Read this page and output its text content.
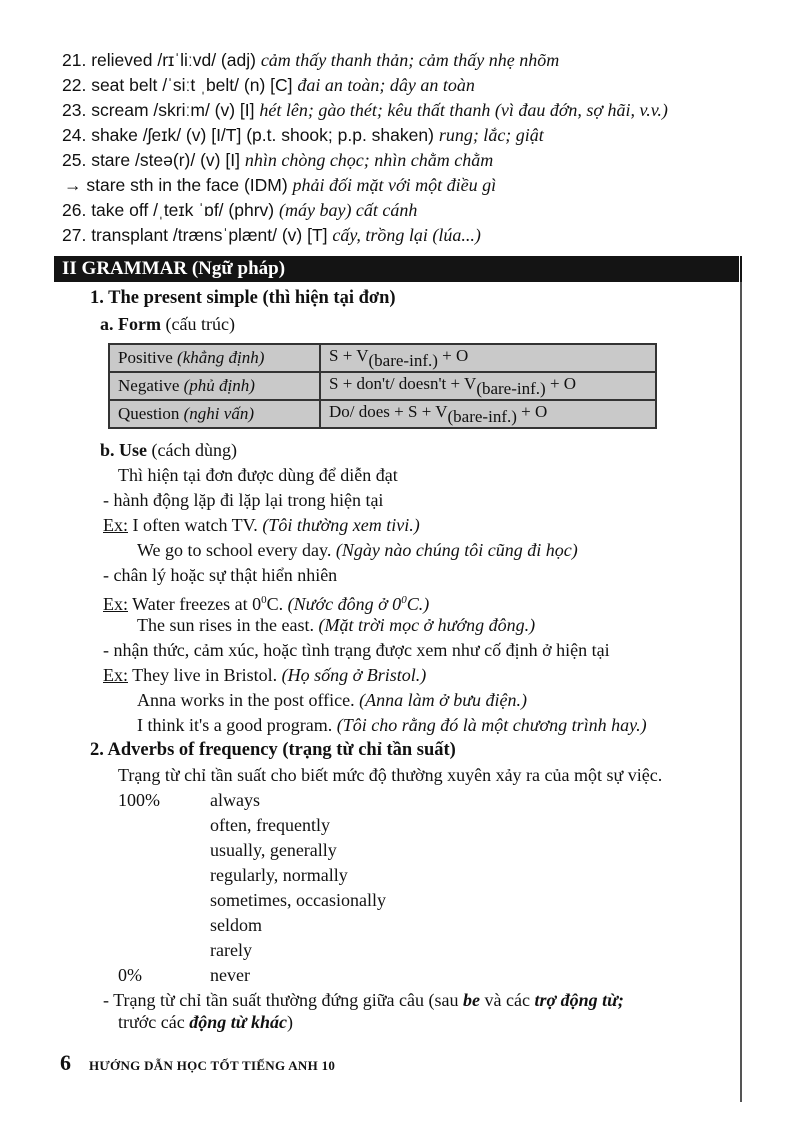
21. relieved /rɪˈliːvd/ (adj) cảm thấy thanh thản; cảm thấy nhẹ nhõm
22. seat belt /ˈsiːt ˌbelt/ (n) [C] đai an toàn; dây an toàn
23. scream /skriːm/ (v) [I] hét lên; gào thét; kêu thất thanh (vì đau đớn, sợ hãi, v.v.)
24. shake /ʃeɪk/ (v) [I/T] (p.t. shook; p.p. shaken) rung; lắc; giật
25. stare /steə(r)/ (v) [I] nhìn chòng chọc; nhìn chằm chằm
→ stare sth in the face (IDM) phải đối mặt với một điều gì
26. take off /ˌteɪk ˈɒf/ (phrv) (máy bay) cất cánh
27. transplant /trænsˈplænt/ (v) [T] cấy, trồng lại (lúa...)
II GRAMMAR (Ngữ pháp)
1. The present simple (thì hiện tại đơn)
a. Form (cấu trúc)
Positive (khẳng định)	$S + V_{(bare-inf.)} + O$
Negative (phủ định)	S + don't/ doesn't + $V_{(bare-inf.)} + O$
Question (nghi vấn)	Do/ does + $S + V_{(bare-inf.)} + O$
b. Use (cách dùng)
Thì hiện tại đơn được dùng để diễn đạt
- hành động lặp đi lặp lại trong hiện tại
Ex: I often watch TV. (Tôi thường xem tivi.)
We go to school every day. (Ngày nào chúng tôi cũng đi học)
- chân lý hoặc sự thật hiển nhiên
Ex: Water freezes at $0^0C$. (Nước đông ở $0^0C$.)
The sun rises in the east. (Mặt trời mọc ở hướng đông.)
- nhận thức, cảm xúc, hoặc tình trạng được xem như cố định ở hiện tại
Ex: They live in Bristol. (Họ sống ở Bristol.)
Anna works in the post office. (Anna làm ở bưu điện.)
I think it's a good program. (Tôi cho rằng đó là một chương trình hay.)
2. Adverbs of frequency (trạng từ chỉ tần suất)
Trạng từ chỉ tần suất cho biết mức độ thường xuyên xảy ra của một sự việc.
100%	always
often, frequently
usually, generally
regularly, normally
sometimes, occasionally
seldom
rarely
0%	never
- Trạng từ chỉ tần suất thường đứng giữa câu (sau be và các trợ động từ;
trước các động từ khác)
6 HƯỚNG DẪN HỌC TỐT TIẾNG ANH 10
